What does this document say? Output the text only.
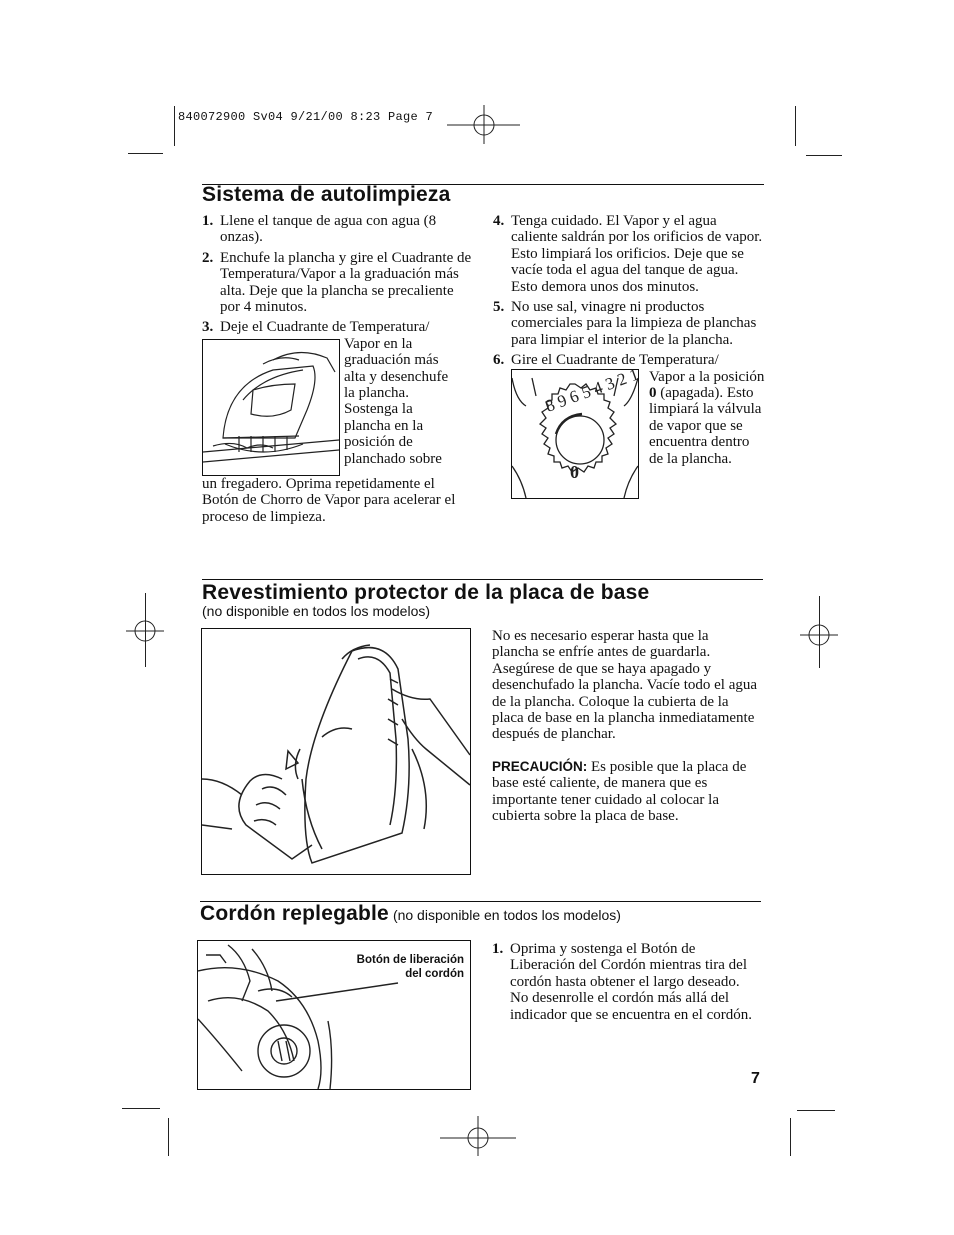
840072900 Sv04 9/21/00 8:23 Page 7
Sistema de autolimpieza
1. Llene el tanque de agua con agua (8 onzas).
2. Enchufe la plancha y gire el Cuadrante de Temperatura/Vapor a la graduación más alta. Deje que la plancha se precaliente por 4 minutos.
3. Deje el Cuadrante de Temperatura/
Vapor en la graduación más alta y desenchufe la plancha. Sostenga la plancha en la posición de planchado sobre
un fregadero. Oprima repetidamente el Botón de Chorro de Vapor para acelerar el proceso de limpieza.
4. Tenga cuidado. El Vapor y el agua caliente saldrán por los orificios de vapor. Esto limpiará los orificios. Deje que se vacíe toda el agua del tanque de agua. Esto demora unos dos minutos.
5. No use sal, vinagre ni productos comerciales para la limpieza de planchas para limpiar el interior de la plancha.
6. Gire el Cuadrante de Temperatura/
8 9 6 5 4 3 2 1
0
Vapor a la posición 0 (apagada). Esto limpiará la válvula de vapor que se encuentra dentro de la plancha.
Revestimiento protector de la placa de base
(no disponible en todos los modelos)
No es necesario esperar hasta que la plancha se enfríe antes de guardarla. Asegúrese de que se haya apagado y desenchufado la plancha. Vacíe todo el agua de la plancha. Coloque la cubierta de la placa de base en la plancha inmediatamente después de planchar.
PRECAUCIÓN: Es posible que la placa de base esté caliente, de manera que es importante tener cuidado al colocar la cubierta sobre la placa de base.
Cordón replegable (no disponible en todos los modelos)
Botón de liberación
del cordón
1. Oprima y sostenga el Botón de Liberación del Cordón mientras tira del cordón hasta obtener el largo deseado. No desenrolle el cordón más allá del indicador que se encuentra en el cordón.
7
